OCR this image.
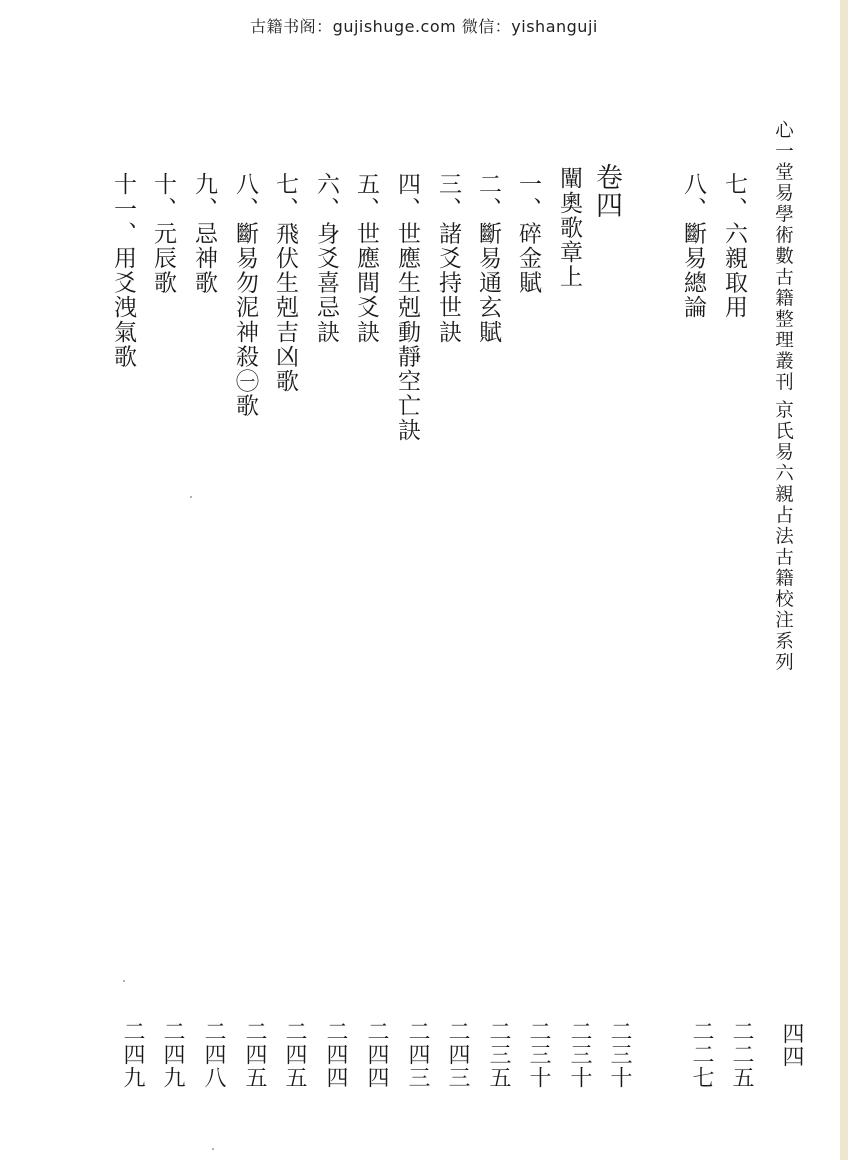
古籍书阁：gujishuge.com 微信：yishanguji
心一堂易學術數古籍整理叢刊
京氏易六親占法古籍校注系列
七、六親取用
八、斷易總論
卷四
闡奧歌章上
一、碎金賦
二、斷易通玄賦
三、諸爻持世訣
四、世應生剋動靜空亡訣
五、世應間爻訣
六、身爻喜忌訣
七、飛伏生剋吉凶歌
八、斷易勿泥神殺㊀歌
九、忌神歌
十、元辰歌
十一、用爻洩氣歌
二二五
二二七
二三十
二三十
二三十
二三五
二四三
二四三
二四四
二四四
二四五
二四五
二四八
二四九
二四九	四四
